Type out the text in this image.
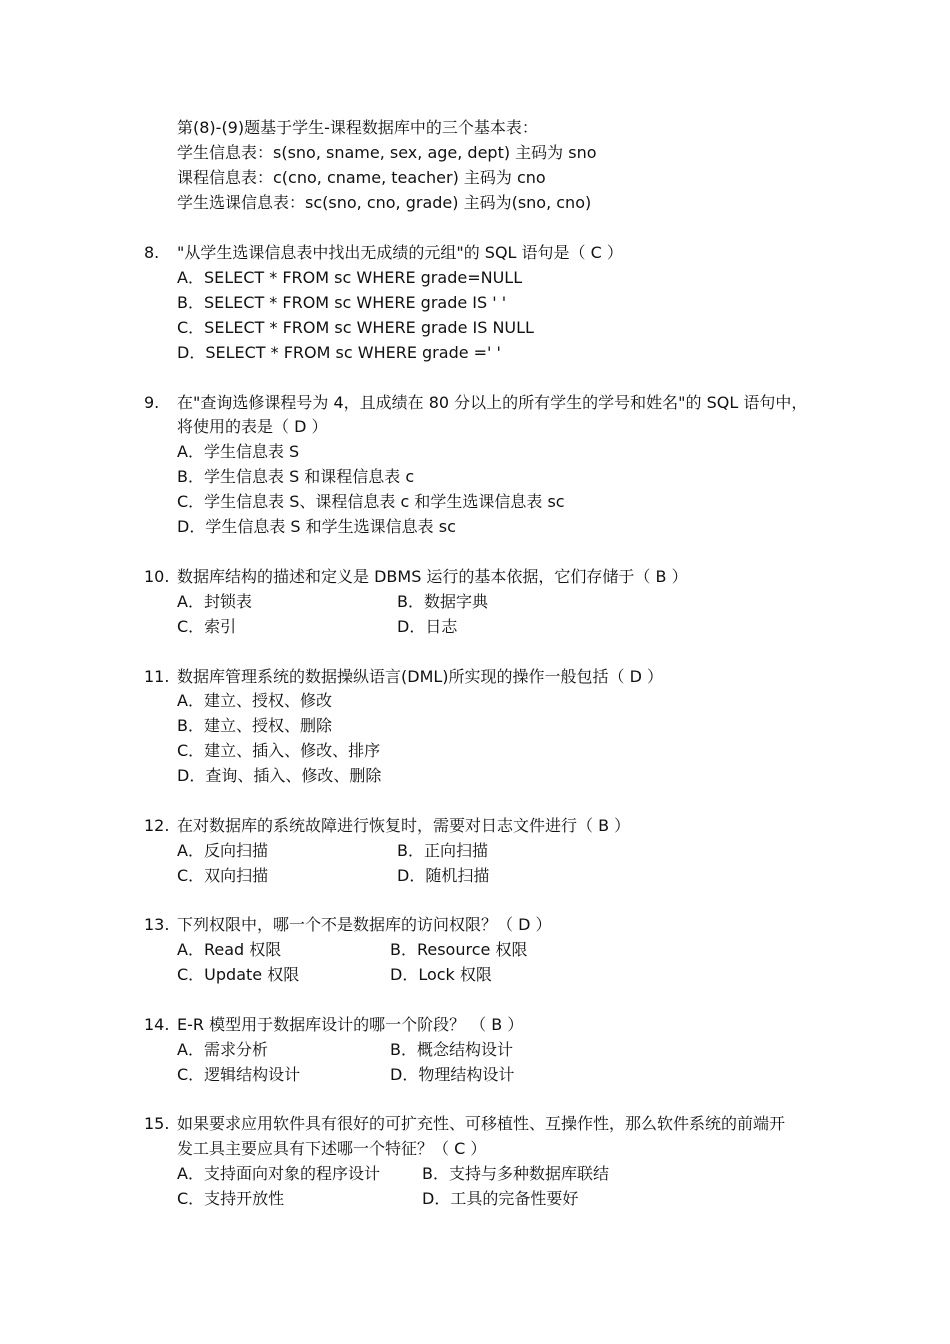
第(8)-(9)题基于学生-课程数据库中的三个基本表：
学生信息表：s(sno, sname, sex, age, dept) 主码为 sno
课程信息表：c(cno, cname, teacher) 主码为 cno
学生选课信息表：sc(sno, cno, grade) 主码为(sno, cno)
8. "从学生选课信息表中找出无成绩的元组"的 SQL 语句是（ C ）
A．SELECT * FROM sc WHERE grade=NULL
B．SELECT * FROM sc WHERE grade IS ' '
C．SELECT * FROM sc WHERE grade IS NULL
D．SELECT * FROM sc WHERE grade =' '
9. 在"查询选修课程号为 4，且成绩在 80 分以上的所有学生的学号和姓名"的 SQL 语句中，
将使用的表是（ D ）
A．学生信息表 S
B．学生信息表 S 和课程信息表 c
C．学生信息表 S、课程信息表 c 和学生选课信息表 sc
D．学生信息表 S 和学生选课信息表 sc
10. 数据库结构的描述和定义是 DBMS 运行的基本依据，它们存储于（ B ）
A．封锁表	B．数据字典
C．索引	D．日志
11. 数据库管理系统的数据操纵语言(DML)所实现的操作一般包括（ D ）
A．建立、授权、修改
B．建立、授权、删除
C．建立、插入、修改、排序
D．查询、插入、修改、删除
12. 在对数据库的系统故障进行恢复时，需要对日志文件进行（ B ）
A．反向扫描	B．正向扫描
C．双向扫描	D．随机扫描
13. 下列权限中，哪一个不是数据库的访问权限？（ D ）
A．Read 权限	B．Resource 权限
C．Update 权限	D．Lock 权限
14. E-R 模型用于数据库设计的哪一个阶段？ （ B ）
A．需求分析	B．概念结构设计
C．逻辑结构设计	D．物理结构设计
15. 如果要求应用软件具有很好的可扩充性、可移植性、互操作性，那么软件系统的前端开
发工具主要应具有下述哪一个特征？（ C ）
A．支持面向对象的程序设计	B．支持与多种数据库联结
C．支持开放性	D．工具的完备性要好
